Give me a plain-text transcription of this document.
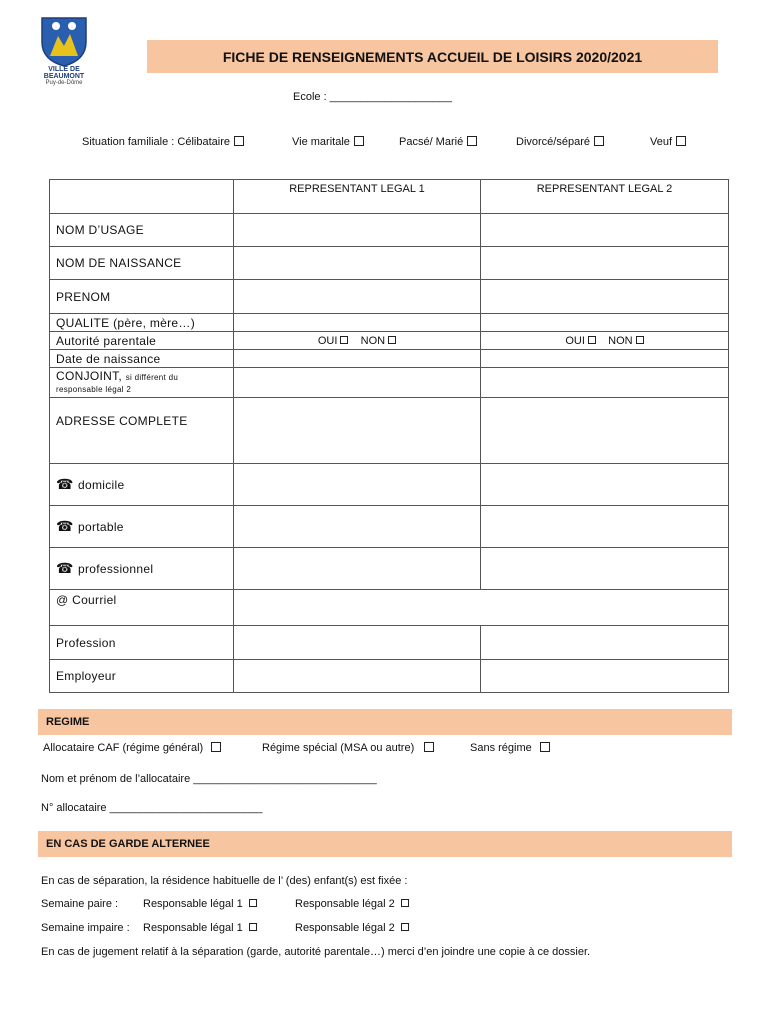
VILLE DE
BEAUMONT
Puy-de-Dôme
FICHE DE RENSEIGNEMENTS ACCUEIL DE LOISIRS 2020/2021
Ecole : ____________________
Situation familiale : Célibataire	Vie maritale	Pacsé/ Marié	Divorcé/séparé	Veuf
	REPRESENTANT LEGAL 1	REPRESENTANT LEGAL 2
NOM D’USAGE		
NOM DE NAISSANCE		
PRENOM		
QUALITE (père, mère…)		
Autorité parentale	OUI NON	OUI NON
Date de naissance		
CONJOINT, si différent du responsable légal 2		
ADRESSE COMPLETE		
☎ domicile		
☎ portable		
☎ professionnel		
@ Courriel		
Profession		
Employeur		
REGIME
Allocataire CAF (régime général)	Régime spécial (MSA ou autre)	Sans régime
Nom et prénom de l’allocataire ______________________________
N° allocataire _________________________
EN CAS DE GARDE ALTERNEE
En cas de séparation, la résidence habituelle de l’ (des) enfant(s) est fixée :
Semaine paire : Responsable légal 1	Responsable légal 2
Semaine impaire : Responsable légal 1	Responsable légal 2
En cas de jugement relatif à la séparation (garde, autorité parentale…) merci d’en joindre une copie à ce dossier.
